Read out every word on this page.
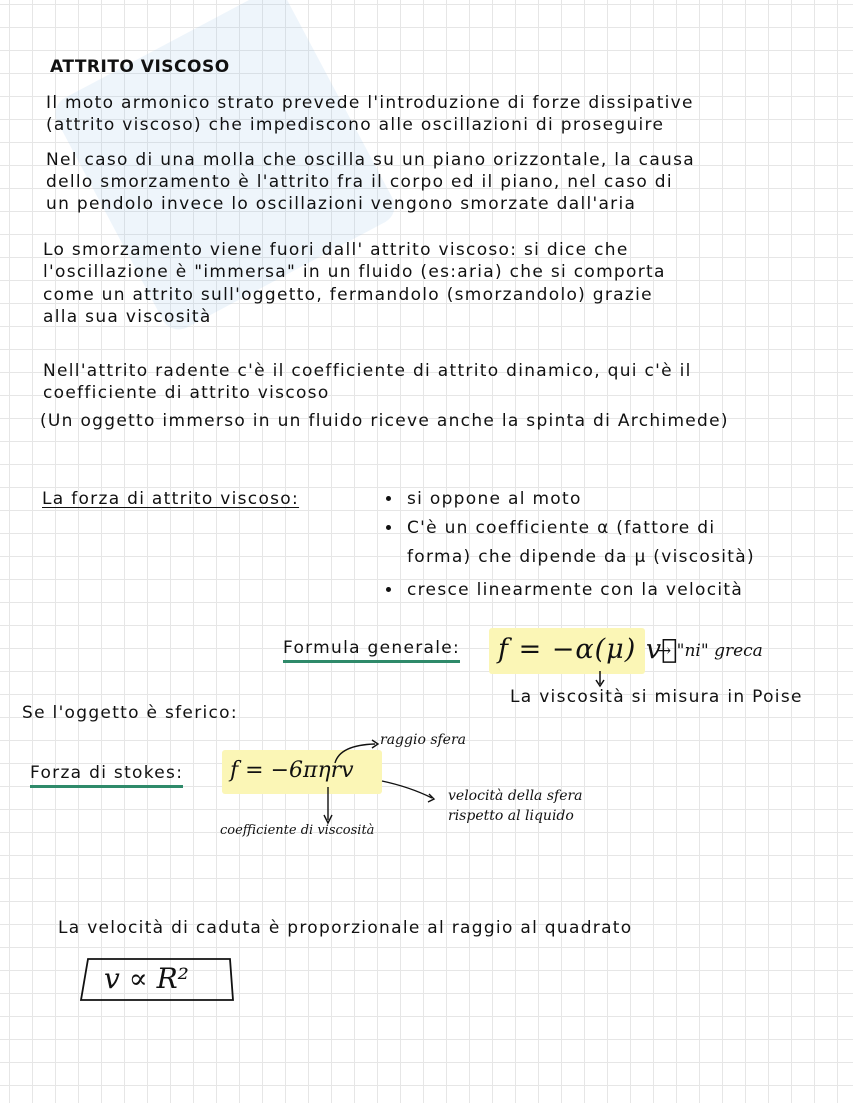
ATTRITO VISCOSO
Il moto armonico strato prevede l'introduzione di forze dissipative
(attrito viscoso) che impediscono alle oscillazioni di proseguire
Nel caso di una molla che oscilla su un piano orizzontale, la causa
dello smorzamento è l'attrito fra il corpo ed il piano, nel caso di
un pendolo invece lo oscillazioni vengono smorzate dall'aria
Lo smorzamento viene fuori dall' attrito viscoso: si dice che
l'oscillazione è "immersa" in un fluido (es:aria) che si comporta
come un attrito sull'oggetto, fermandolo (smorzandolo) grazie
alla sua viscosità
Nell'attrito radente c'è il coefficiente di attrito dinamico, qui c'è il
coefficiente di attrito viscoso
(Un oggetto immerso in un fluido riceve anche la spinta di Archimede)
La forza di attrito viscoso:	si oppone al moto
C'è un coefficiente α (fattore di
forma) che dipende da μ (viscosità)
cresce linearmente con la velocità
Formula generale: f = −α(μ) v⃗
→ "ni" greca
La viscosità si misura in Poise
Se l'oggetto è sferico:
Forza di stokes: f = −6πηrv
raggio sfera
coefficiente di viscosità
velocità della sfera
rispetto al liquido
La velocità di caduta è proporzionale al raggio al quadrato
v ∝ R²
